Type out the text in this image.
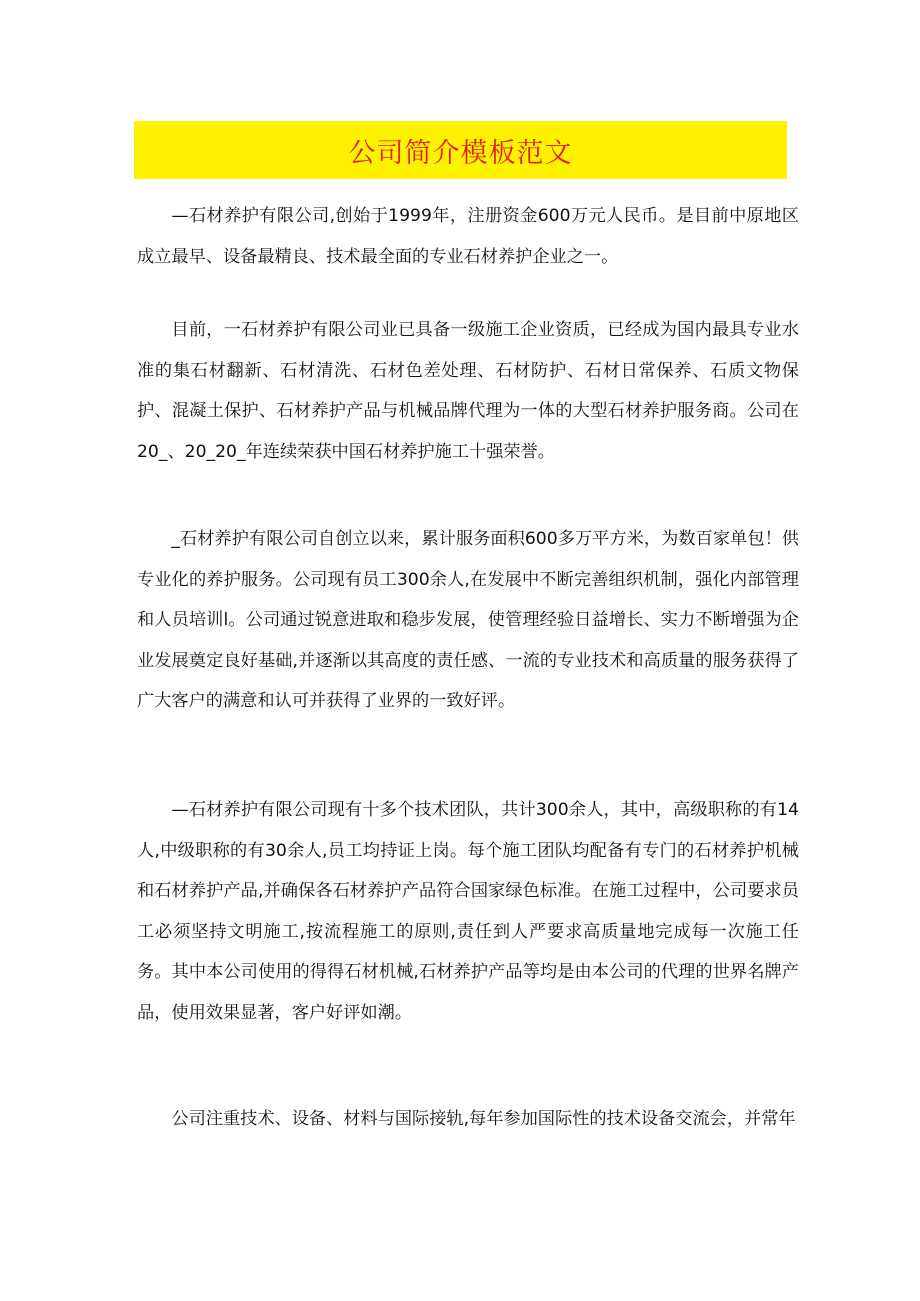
公司简介模板范文

—石材养护有限公司,创始于1999年，注册资金600万元人民币。是目前中原地区成立最早、设备最精良、技术最全面的专业石材养护企业之一。

目前，一石材养护有限公司业已具备一级施工企业资质，已经成为国内最具专业水准的集石材翻新、石材清洗、石材色差处理、石材防护、石材日常保养、石质文物保护、混凝土保护、石材养护产品与机械品牌代理为一体的大型石材养护服务商。公司在20_、20_20_年连续荣获中国石材养护施工十强荣誉。

_石材养护有限公司自创立以来，累计服务面积600多万平方米，为数百家单包！供专业化的养护服务。公司现有员工300余人,在发展中不断完善组织机制，强化内部管理和人员培训l。公司通过锐意进取和稳步发展，使管理经验日益增长、实力不断增强为企业发展奠定良好基础,并逐渐以其高度的责任感、一流的专业技术和高质量的服务获得了广大客户的满意和认可并获得了业界的一致好评。

—石材养护有限公司现有十多个技术团队，共计300余人，其中，高级职称的有14人,中级职称的有30余人,员工均持证上岗。每个施工团队均配备有专门的石材养护机械和石材养护产品,并确保各石材养护产品符合国家绿色标准。在施工过程中，公司要求员工必须坚持文明施工,按流程施工的原则,责任到人严要求高质量地完成每一次施工任务。其中本公司使用的得得石材机械,石材养护产品等均是由本公司的代理的世界名牌产品，使用效果显著，客户好评如潮。

公司注重技术、设备、材料与国际接轨,每年参加国际性的技术设备交流会，并常年
